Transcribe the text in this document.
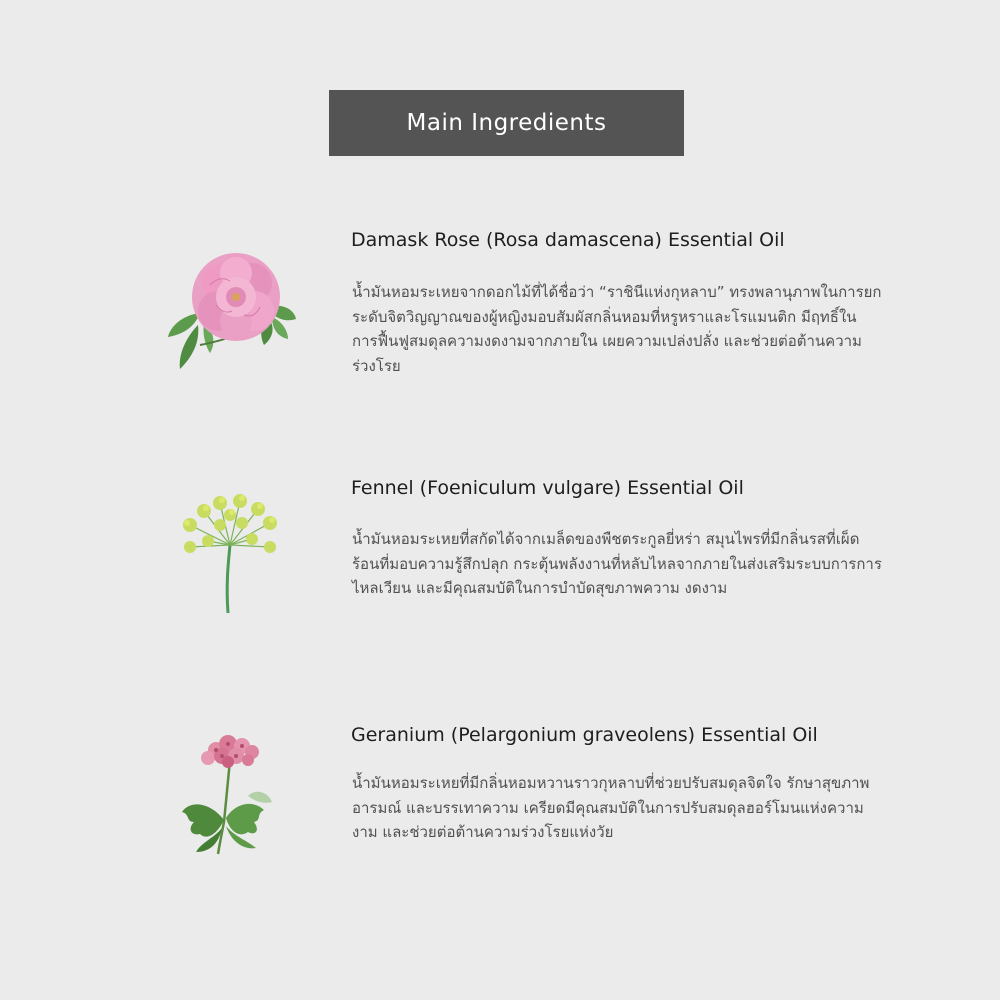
Main Ingredients
Damask Rose (Rosa damascena) Essential Oil
น้ำมันหอมระเหยจากดอกไม้ที่ได้ชื่อว่า “ราชินีแห่งกุหลาบ” ทรงพลานุภาพในการยกระดับจิตวิญญาณของผู้หญิงมอบสัมผัสกลิ่นหอมที่หรูหราและโรแมนติก มีฤทธิ์ในการฟื้นฟูสมดุลความงดงามจากภายใน เผยความเปล่งปลั่ง และช่วยต่อต้านความร่วงโรย
Fennel (Foeniculum vulgare) Essential Oil
น้ำมันหอมระเหยที่สกัดได้จากเมล็ดของพืชตระกูลยี่หร่า สมุนไพรที่มีกลิ่นรสที่เผ็ดร้อนที่มอบความรู้สึกปลุก กระตุ้นพลังงานที่หลับไหลจากภายในส่งเสริมระบบการการไหลเวียน และมีคุณสมบัติในการบำบัดสุขภาพความ งดงาม
Geranium (Pelargonium graveolens) Essential Oil
น้ำมันหอมระเหยที่มีกลิ่นหอมหวานราวกุหลาบที่ช่วยปรับสมดุลจิตใจ รักษาสุขภาพอารมณ์ และบรรเทาความ เครียดมีคุณสมบัติในการปรับสมดุลฮอร์โมนแห่งความงาม และช่วยต่อต้านความร่วงโรยแห่งวัย
